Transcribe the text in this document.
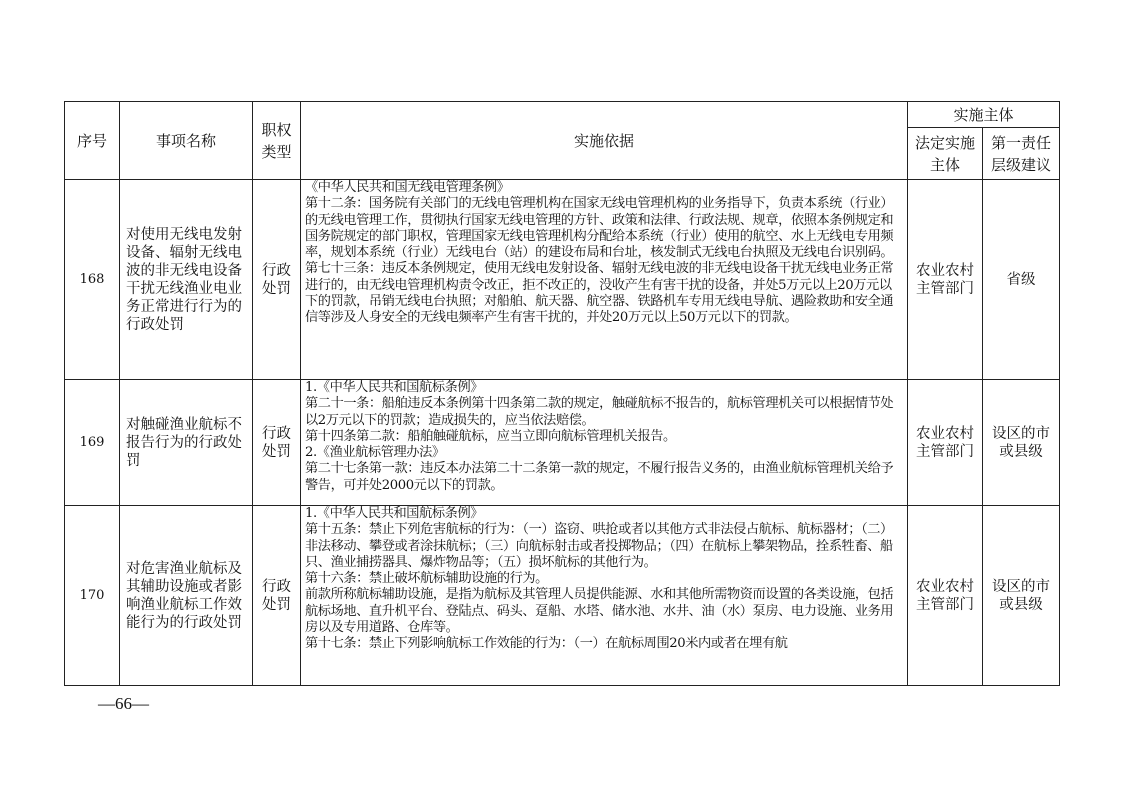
序号	事项名称	职权类型	实施依据	实施主体	
				法定实施主体	第一责任层级建议
168	对使用无线电发射设备、辐射无线电波的非无线电设备干扰无线渔业电业务正常进行行为的行政处罚	行政处罚	《中华人民共和国无线电管理条例》
第十二条：国务院有关部门的无线电管理机构在国家无线电管理机构的业务指导下，负责本系统（行业）的无线电管理工作，贯彻执行国家无线电管理的方针、政策和法律、行政法规、规章，依照本条例规定和国务院规定的部门职权，管理国家无线电管理机构分配给本系统（行业）使用的航空、水上无线电专用频率，规划本系统（行业）无线电台（站）的建设布局和台址，核发制式无线电台执照及无线电台识别码。
第七十三条：违反本条例规定，使用无线电发射设备、辐射无线电波的非无线电设备干扰无线电业务正常进行的，由无线电管理机构责令改正，拒不改正的，没收产生有害干扰的设备，并处5万元以上20万元以下的罚款，吊销无线电台执照；对船舶、航天器、航空器、铁路机车专用无线电导航、遇险救助和安全通信等涉及人身安全的无线电频率产生有害干扰的，并处20万元以上50万元以下的罚款。	农业农村主管部门	省级
169	对触碰渔业航标不报告行为的行政处罚	行政处罚	1.《中华人民共和国航标条例》
第二十一条：船舶违反本条例第十四条第二款的规定，触碰航标不报告的，航标管理机关可以根据情节处以2万元以下的罚款；造成损失的，应当依法赔偿。
第十四条第二款：船舶触碰航标，应当立即向航标管理机关报告。
2.《渔业航标管理办法》
第二十七条第一款：违反本办法第二十二条第一款的规定，不履行报告义务的，由渔业航标管理机关给予警告，可并处2000元以下的罚款。	农业农村主管部门	设区的市或县级
170	对危害渔业航标及其辅助设施或者影响渔业航标工作效能行为的行政处罚	行政处罚	1.《中华人民共和国航标条例》
第十五条：禁止下列危害航标的行为：（一）盗窃、哄抢或者以其他方式非法侵占航标、航标器材；（二）非法移动、攀登或者涂抹航标；（三）向航标射击或者投掷物品；（四）在航标上攀架物品，拴系牲畜、船只、渔业捕捞器具、爆炸物品等；（五）损坏航标的其他行为。
第十六条：禁止破坏航标辅助设施的行为。
前款所称航标辅助设施，是指为航标及其管理人员提供能源、水和其他所需物资而设置的各类设施，包括航标场地、直升机平台、登陆点、码头、趸船、水塔、储水池、水井、油（水）泵房、电力设施、业务用房以及专用道路、仓库等。
第十七条：禁止下列影响航标工作效能的行为：（一）在航标周围20米内或者在埋有航	农业农村主管部门	设区的市或县级
—66—
